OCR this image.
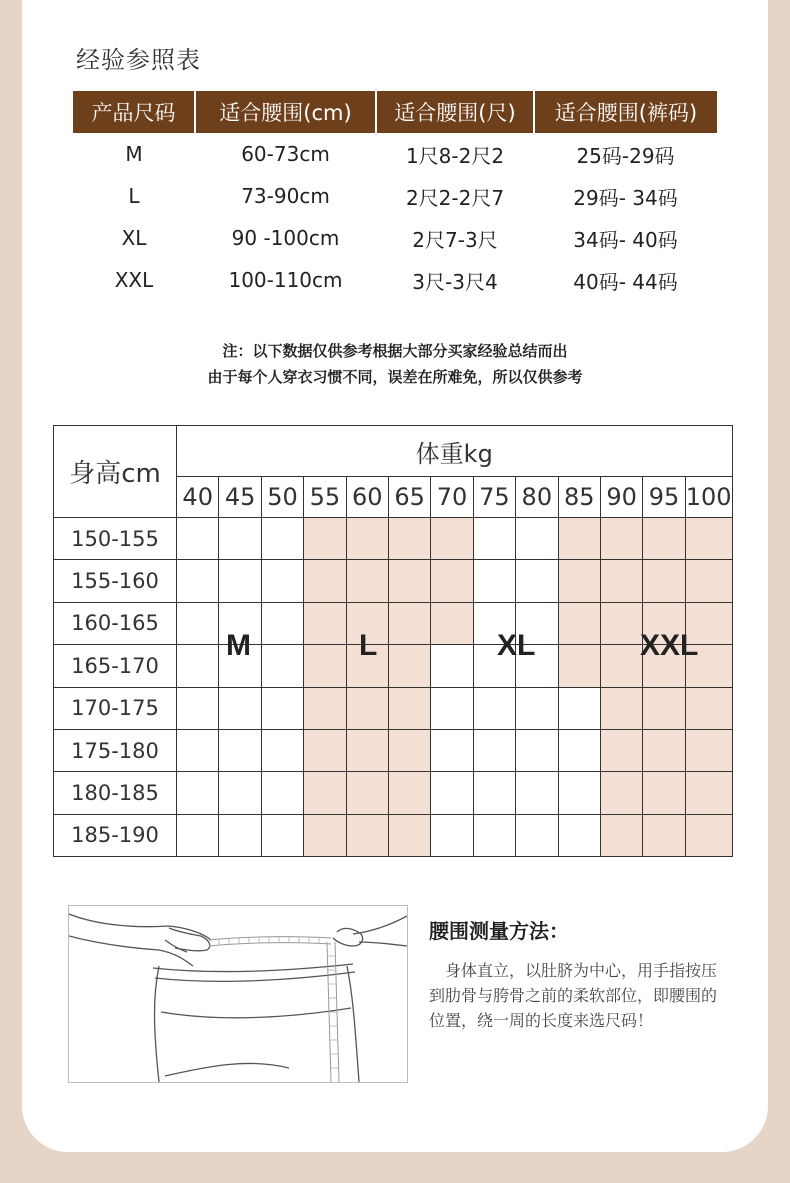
经验参照表
产品尺码	适合腰围(cm)	适合腰围(尺)	适合腰围(裤码)
M	60-73cm	1尺8-2尺2	25码-29码
L	73-90cm	2尺2-2尺7	29码- 34码
XL	90 -100cm	2尺7-3尺	34码- 40码
XXL	100-110cm	3尺-3尺4	40码- 44码
注：以下数据仅供参考根据大部分买家经验总结而出
由于每个人穿衣习惯不同，误差在所难免，所以仅供参考
身高cm	体重kg												
	40	45	50	55	60	65	70	75	80	85	90	95	100
150-155													
155-160													
160-165													
165-170													
170-175													
175-180													
180-185													
185-190													
M	L	XL	XXL
腰围测量方法：
身体直立，以肚脐为中心，用手指按压到肋骨与胯骨之前的柔软部位，即腰围的位置，绕一周的长度来选尺码！
